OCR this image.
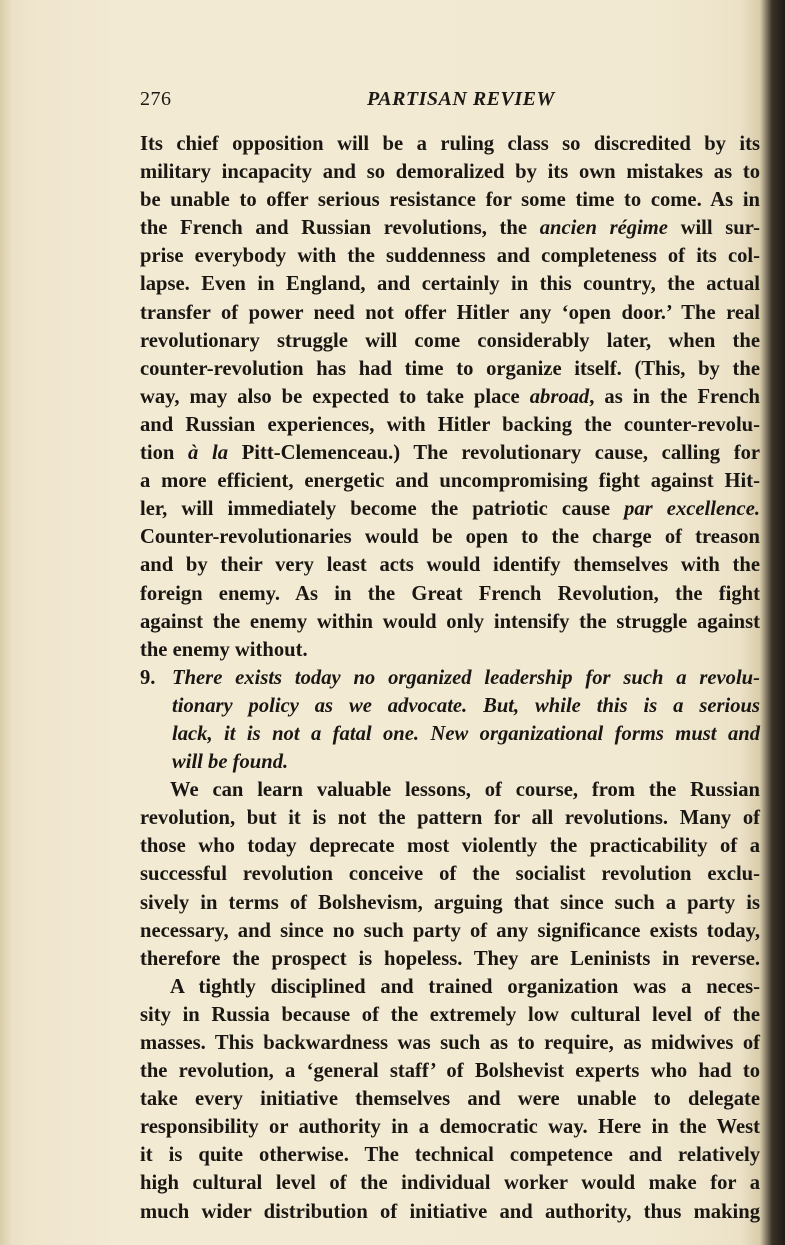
276	PARTISAN REVIEW

Its chief opposition will be a ruling class so discredited by its
military incapacity and so demoralized by its own mistakes as to
be unable to offer serious resistance for some time to come. As in
the French and Russian revolutions, the ancien régime will sur-
prise everybody with the suddenness and completeness of its col-
lapse. Even in England, and certainly in this country, the actual
transfer of power need not offer Hitler any ‘open door.’ The real
revolutionary struggle will come considerably later, when the
counter-revolution has had time to organize itself. (This, by the
way, may also be expected to take place abroad, as in the French
and Russian experiences, with Hitler backing the counter-revolu-
tion à la Pitt-Clemenceau.) The revolutionary cause, calling for
a more efficient, energetic and uncompromising fight against Hit-
ler, will immediately become the patriotic cause par excellence.
Counter-revolutionaries would be open to the charge of treason
and by their very least acts would identify themselves with the
foreign enemy. As in the Great French Revolution, the fight
against the enemy within would only intensify the struggle against
the enemy without.

9. There exists today no organized leadership for such a revolu-
tionary policy as we advocate. But, while this is a serious
lack, it is not a fatal one. New organizational forms must and
will be found.

We can learn valuable lessons, of course, from the Russian
revolution, but it is not the pattern for all revolutions. Many of
those who today deprecate most violently the practicability of a
successful revolution conceive of the socialist revolution exclu-
sively in terms of Bolshevism, arguing that since such a party is
necessary, and since no such party of any significance exists today,
therefore the prospect is hopeless. They are Leninists in reverse.

A tightly disciplined and trained organization was a neces-
sity in Russia because of the extremely low cultural level of the
masses. This backwardness was such as to require, as midwives of
the revolution, a ‘general staff’ of Bolshevist experts who had to
take every initiative themselves and were unable to delegate
responsibility or authority in a democratic way. Here in the West
it is quite otherwise. The technical competence and relatively
high cultural level of the individual worker would make for a
much wider distribution of initiative and authority, thus making
